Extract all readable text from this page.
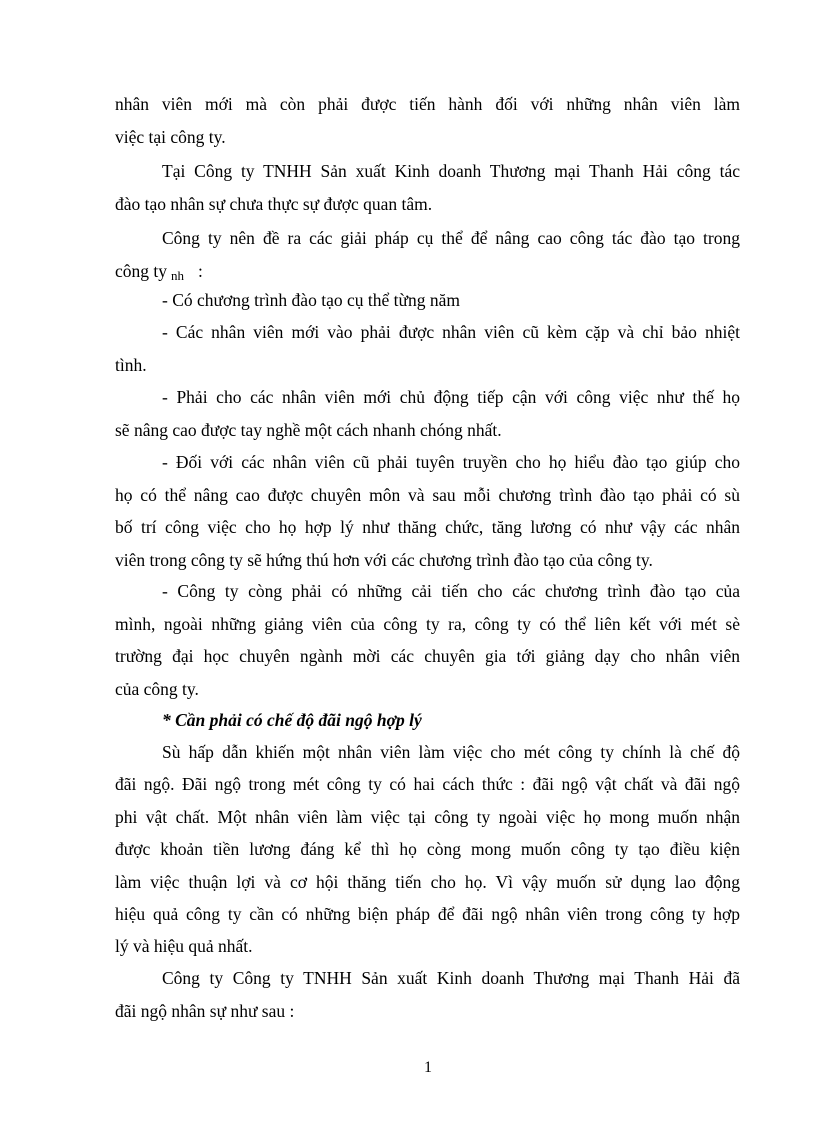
nhân viên mới mà còn phải được tiến hành đối với những nhân viên làm
việc tại công ty.
Tại Công ty TNHH Sản xuất Kinh doanh Thương mại Thanh Hải công tác
đào tạo nhân sự chưa thực sự được quan tâm.
Công ty nên đề ra các giải pháp cụ thể để nâng cao công tác đào tạo trong
công ty nh :
- Có chương trình đào tạo cụ thể từng năm
- Các nhân viên mới vào phải được nhân viên cũ kèm cặp và chỉ bảo nhiệt
tình.
- Phải cho các nhân viên mới chủ động tiếp cận với công việc như thế họ
sẽ nâng cao được tay nghề một cách nhanh chóng nhất.
- Đối với các nhân viên cũ phải tuyên truyền cho họ hiểu đào tạo giúp cho
họ có thể nâng cao được chuyên môn và sau mỗi chương trình đào tạo phải có sù
bố trí công việc cho họ hợp lý như thăng chức, tăng lương có như vậy các nhân
viên trong công ty sẽ hứng thú hơn với các chương trình đào tạo của công ty.
- Công ty còng phải có những cải tiến cho các chương trình đào tạo của
mình, ngoài những giảng viên của công ty ra, công ty có thể liên kết với mét sè
trường đại học chuyên ngành mời các chuyên gia tới giảng dạy cho nhân viên
của công ty.
* Cần phải có chế độ đãi ngộ hợp lý
Sù hấp dẫn khiến một nhân viên làm việc cho mét công ty chính là chế độ
đãi ngộ. Đãi ngộ trong mét công ty có hai cách thức : đãi ngộ vật chất và đãi ngộ
phi vật chất. Một nhân viên làm việc tại công ty ngoài việc họ mong muốn nhận
được khoản tiền lương đáng kể thì họ còng mong muốn công ty tạo điều kiện
làm việc thuận lợi và cơ hội thăng tiến cho họ. Vì vậy muốn sử dụng lao động
hiệu quả công ty cần có những biện pháp để đãi ngộ nhân viên trong công ty hợp
lý và hiệu quả nhất.
Công ty Công ty TNHH Sản xuất Kinh doanh Thương mại Thanh Hải đã
đãi ngộ nhân sự như sau :
1
